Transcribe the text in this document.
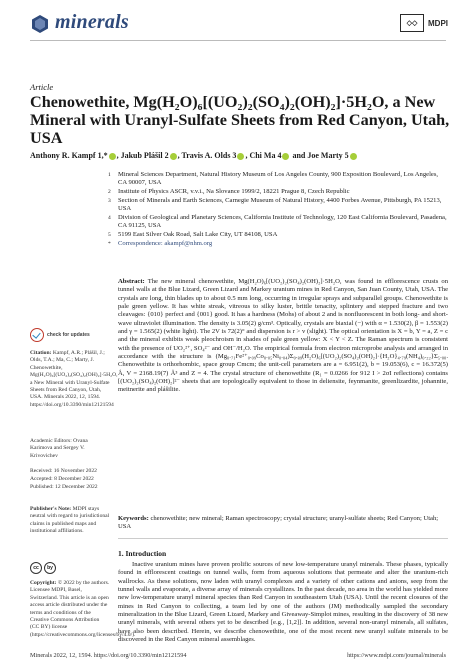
minerals	◇◇	MDPI
Article
Chenowethite, Mg(H₂O)₆[(UO₂)₂(SO₄)₂(OH)₂]·5H₂O, a New Mineral with Uranyl-Sulfate Sheets from Red Canyon, Utah, USA
Anthony R. Kampf 1,* , Jakub Plášil 2 , Travis A. Olds 3 , Chi Ma 4 and Joe Marty 5
1 Mineral Sciences Department, Natural History Museum of Los Angeles County, 900 Exposition Boulevard, Los Angeles, CA 90007, USA
2 Institute of Physics ASCR, v.v.i., Na Slovance 1999/2, 18221 Prague 8, Czech Republic
3 Section of Minerals and Earth Sciences, Carnegie Museum of Natural History, 4400 Forbes Avenue, Pittsburgh, PA 15213, USA
4 Division of Geological and Planetary Sciences, California Institute of Technology, 120 East California Boulevard, Pasadena, CA 91125, USA
5 5199 East Silver Oak Road, Salt Lake City, UT 84108, USA
* Correspondence: akampf@nhm.org
Abstract: The new mineral chenowethite, Mg(H₂O)₆[(UO₂)₂(SO₄)₂(OH)₂]·5H₂O, was found in efflorescence crusts on tunnel walls at the Blue Lizard, Green Lizard and Markey uranium mines in Red Canyon, San Juan County, Utah, USA. The crystals are long, thin blades up to about 0.5 mm long, occurring in irregular sprays and subparallel groups. Chenowethite is pale green yellow. It has white streak, vitreous to silky luster, brittle tenacity, splintery and stepped fracture and two cleavages: {010} perfect and {001} good. It has a hardness (Mohs) of about 2 and is nonfluorescent in both long- and short-wave ultraviolet illumination. The density is 3.05(2) g/cm³. Optically, crystals are biaxial (−) with α = 1.530(2), β = 1.553(2) and γ = 1.565(2) (white light). The 2V is 72(2)° and dispersion is r > v (slight). The optical orientation is X = b, Y = a, Z = c and the mineral exhibits weak pleochroism in shades of pale green yellow: X < Y < Z. The Raman spectrum is consistent with the presence of UO₂²⁺, SO₄²⁻ and OH⁻/H₂O. The empirical formula from electron microprobe analysis and arranged in accordance with the structure is (Mg₀.₇₁Fe²⁺₀.₀₉Co₀.₀₅Ni₀.₀₄)Σ₀.₈₉(H₂O)₆[(UO₂)₂(SO₄)₂(OH)₂]·{H₂O}₄.₇₉(NH₄)₀.₂₂}Σ₅.₀₀. Chenowethite is orthorhombic, space group Cmcm; the unit-cell parameters are a = 6.951(2), b = 19.053(6), c = 16.372(5) Å, V = 2168.19(7) Å³ and Z = 4. The crystal structure of chenowethite (R₁ = 0.0266 for 912 I > 2σI reflections) contains [(UO₂)₂(SO₄)₂(OH)₂]²⁻ sheets that are topologically equivalent to those in deliensite, feynmanite, greenlizardite, johannite, meitnerite and plášilite.
Keywords: chenowethite; new mineral; Raman spectroscopy; crystal structure; uranyl-sulfate sheets; Red Canyon; Utah; USA
1. Introduction
Inactive uranium mines have proven prolific sources of new low-temperature uranyl minerals. These phases, typically found in efflorescent coatings on tunnel walls, form from aqueous solutions that permeate and alter the uranium-rich wallrocks. As these solutions, now laden with uranyl complexes and a variety of other cations and anions, seep from the tunnel walls and evaporate, a diverse array of minerals crystallizes. In the past decade, no area in the world has yielded more new low-temperature uranyl mineral species than Red Canyon in southeastern Utah (USA). Until the recent closures of the mines in Red Canyon to collecting, a team led by one of the authors (JM) methodically sampled the secondary mineralization in the Blue Lizard, Green Lizard, Markey and Giveaway-Simplot mines, resulting in the discovery of 38 new uranyl minerals, with several others yet to be described [e.g., [1,2]]. In addition, several non-uranyl minerals, all sulfates, have also been described. Herein, we describe chenowethite, one of the most recent new uranyl sulfate minerals to be discovered in the Red Canyon mineral assemblages.
check for updates
Citation: Kampf, A.R.; Plášil, J.; Olds, T.A.; Ma, C.; Marty, J. Chenowethite, Mg(H₂O)₆[(UO₂)₂(SO₄)₂(OH)₂]·5H₂O, a New Mineral with Uranyl-Sulfate Sheets from Red Canyon, Utah, USA. Minerals 2022, 12, 1594. https://doi.org/10.3390/min12121594
Academic Editors: Ovana Karimova and Sergey V. Krivovichev
Received: 16 November 2022
Accepted: 8 December 2022
Published: 12 December 2022
Publisher's Note: MDPI stays neutral with regard to jurisdictional claims in published maps and institutional affiliations.
cc	by
Copyright: © 2022 by the authors. Licensee MDPI, Basel, Switzerland. This article is an open access article distributed under the terms and conditions of the Creative Commons Attribution (CC BY) license (https://creativecommons.org/licenses/by/4.0/).
Minerals 2022, 12, 1594. https://doi.org/10.3390/min12121594	https://www.mdpi.com/journal/minerals
